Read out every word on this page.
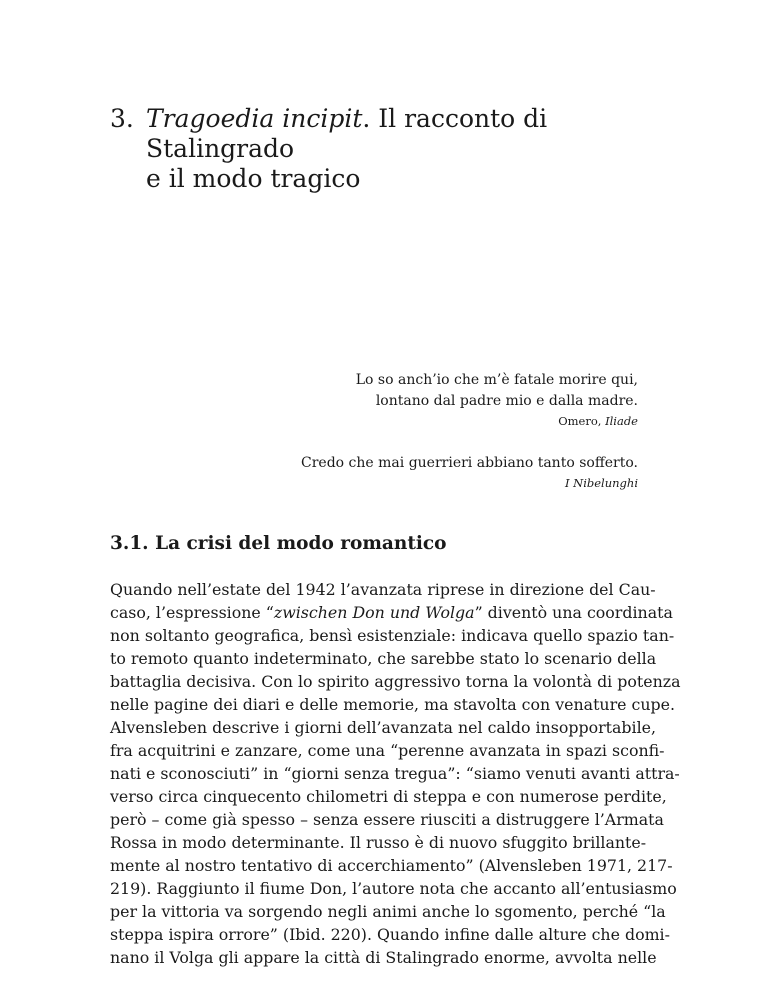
3. Tragoedia incipit. Il racconto di Stalingrado
e il modo tragico
Lo so anch’io che m’è fatale morire qui,
lontano dal padre mio e dalla madre.
Omero, Iliade
Credo che mai guerrieri abbiano tanto sofferto.
I Nibelunghi
3.1. La crisi del modo romantico
Quando nell’estate del 1942 l’avanzata riprese in direzione del Cau-
caso, l’espressione “zwischen Don und Wolga” diventò una coordinata
non soltanto geografica, bensì esistenziale: indicava quello spazio tan-
to remoto quanto indeterminato, che sarebbe stato lo scenario della
battaglia decisiva. Con lo spirito aggressivo torna la volontà di potenza
nelle pagine dei diari e delle memorie, ma stavolta con venature cupe.
Alvensleben descrive i giorni dell’avanzata nel caldo insopportabile,
fra acquitrini e zanzare, come una “perenne avanzata in spazi sconfi-
nati e sconosciuti” in “giorni senza tregua”: “siamo venuti avanti attra-
verso circa cinquecento chilometri di steppa e con numerose perdite,
però – come già spesso – senza essere riusciti a distruggere l’Armata
Rossa in modo determinante. Il russo è di nuovo sfuggito brillante-
mente al nostro tentativo di accerchiamento” (Alvensleben 1971, 217-
219). Raggiunto il fiume Don, l’autore nota che accanto all’entusiasmo
per la vittoria va sorgendo negli animi anche lo sgomento, perché “la
steppa ispira orrore” (Ibid. 220). Quando infine dalle alture che domi-
nano il Volga gli appare la città di Stalingrado enorme, avvolta nelle
